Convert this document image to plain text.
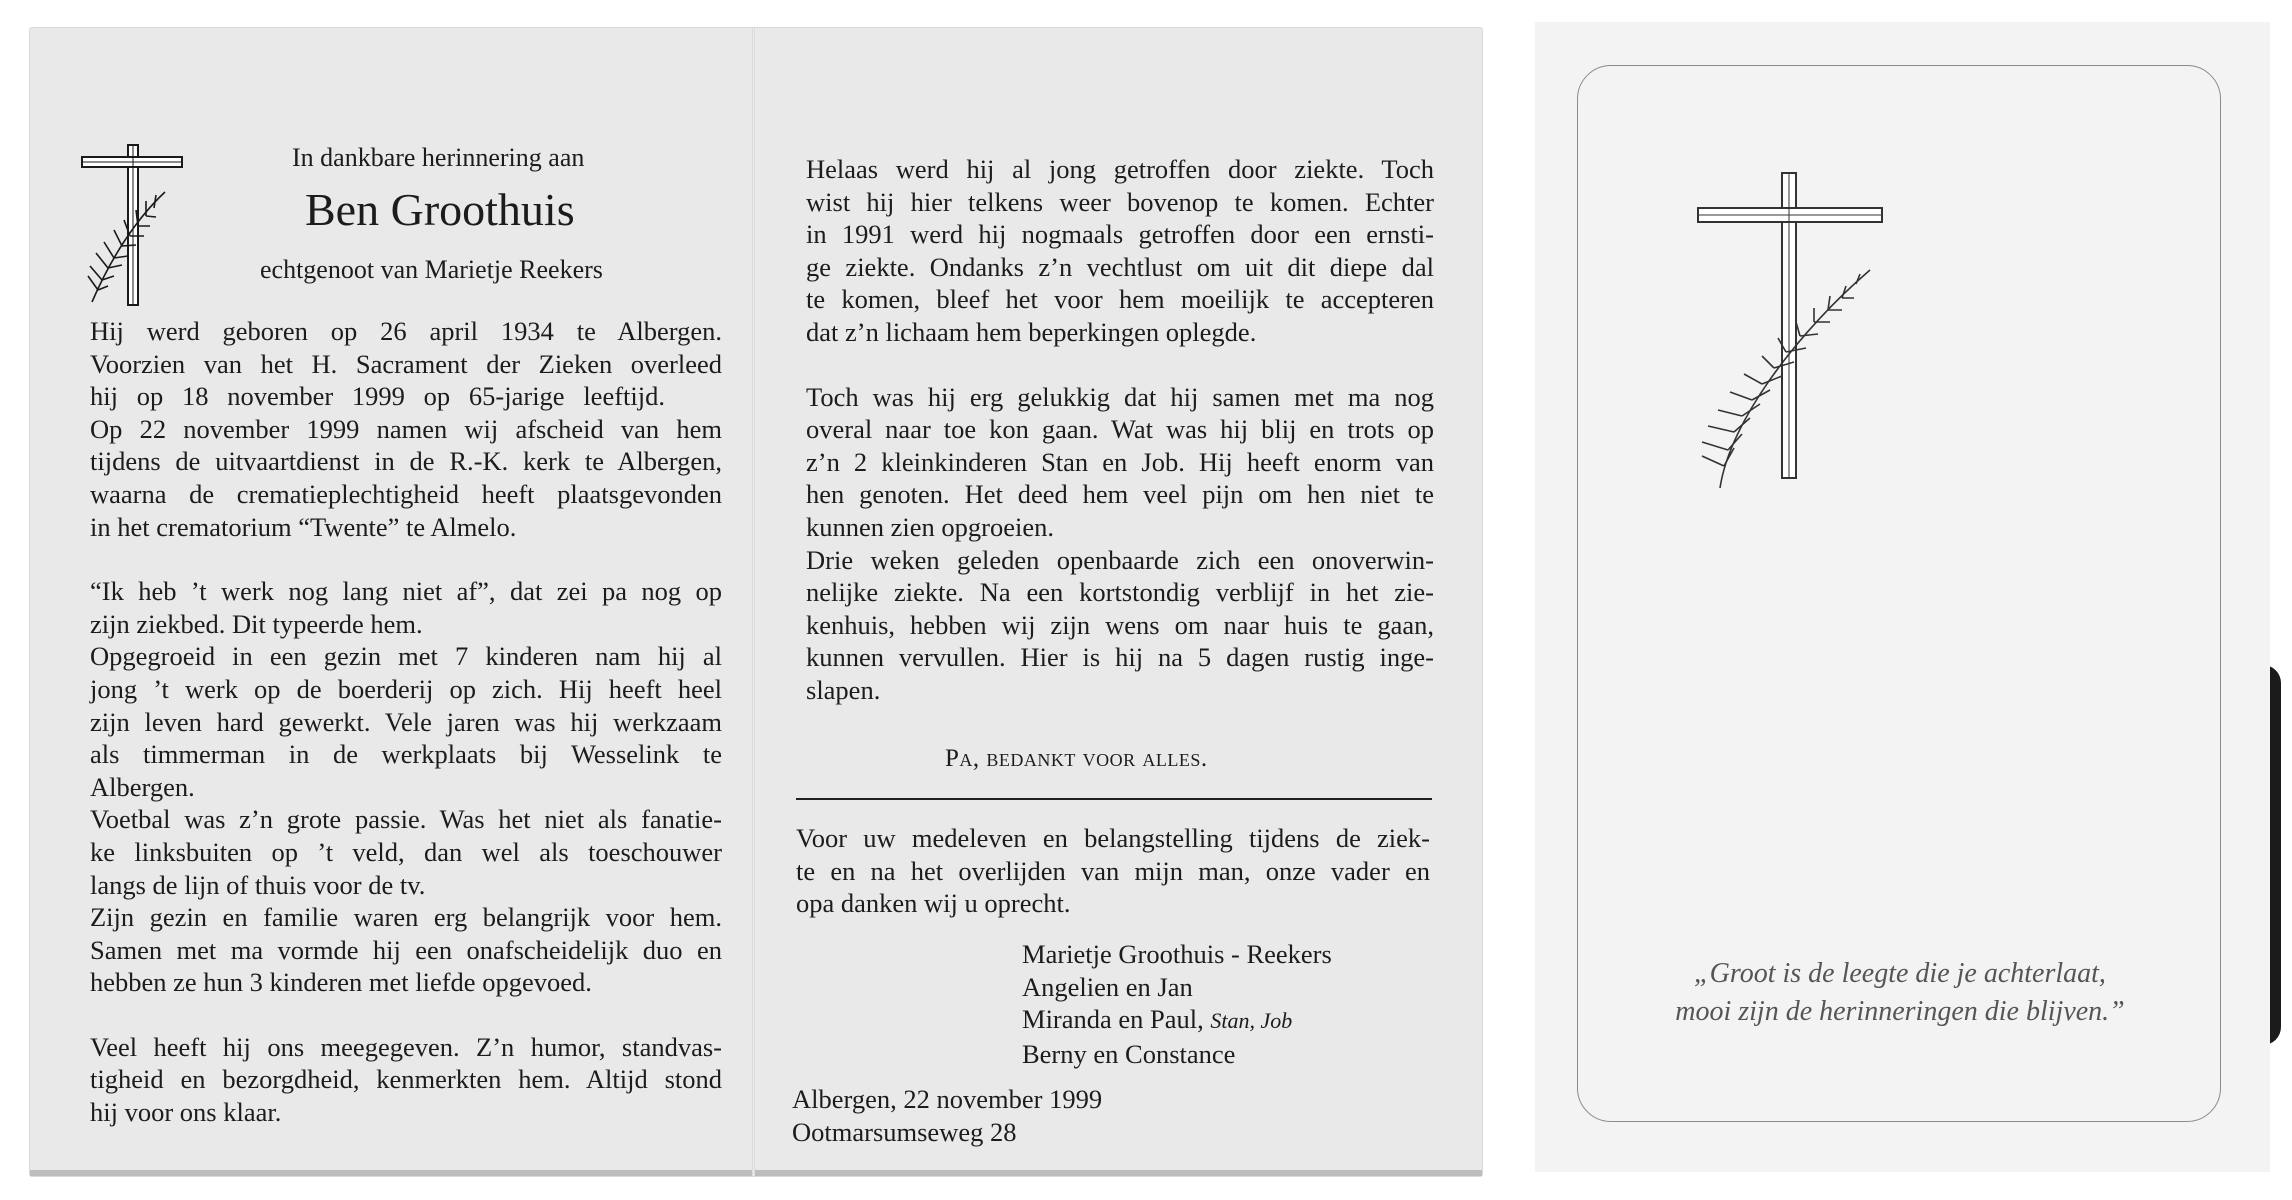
In dankbare herinnering aan
Ben Groothuis
echtgenoot van Marietje Reekers
Hij werd geboren op 26 april 1934 te Albergen.
Voorzien van het H. Sacrament der Zieken overleed
hij op 18 november 1999 op 65-jarige leeftijd.
Op 22 november 1999 namen wij afscheid van hem
tijdens de uitvaartdienst in de R.-K. kerk te Albergen,
waarna de crematieplechtigheid heeft plaatsgevonden
in het crematorium “Twente” te Almelo.
“Ik heb ’t werk nog lang niet af”, dat zei pa nog op
zijn ziekbed. Dit typeerde hem.
Opgegroeid in een gezin met 7 kinderen nam hij al
jong ’t werk op de boerderij op zich. Hij heeft heel
zijn leven hard gewerkt. Vele jaren was hij werkzaam
als timmerman in de werkplaats bij Wesselink te
Albergen.
Voetbal was z’n grote passie. Was het niet als fanatie-
ke linksbuiten op ’t veld, dan wel als toeschouwer
langs de lijn of thuis voor de tv.
Zijn gezin en familie waren erg belangrijk voor hem.
Samen met ma vormde hij een onafscheidelijk duo en
hebben ze hun 3 kinderen met liefde opgevoed.
Veel heeft hij ons meegegeven. Z’n humor, standvas-
tigheid en bezorgdheid, kenmerkten hem. Altijd stond
hij voor ons klaar.
Helaas werd hij al jong getroffen door ziekte. Toch
wist hij hier telkens weer bovenop te komen. Echter
in 1991 werd hij nogmaals getroffen door een ernsti-
ge ziekte. Ondanks z’n vechtlust om uit dit diepe dal
te komen, bleef het voor hem moeilijk te accepteren
dat z’n lichaam hem beperkingen oplegde.
Toch was hij erg gelukkig dat hij samen met ma nog
overal naar toe kon gaan. Wat was hij blij en trots op
z’n 2 kleinkinderen Stan en Job. Hij heeft enorm van
hen genoten. Het deed hem veel pijn om hen niet te
kunnen zien opgroeien.
Drie weken geleden openbaarde zich een onoverwin-
nelijke ziekte. Na een kortstondig verblijf in het zie-
kenhuis, hebben wij zijn wens om naar huis te gaan,
kunnen vervullen. Hier is hij na 5 dagen rustig inge-
slapen.
Pa, bedankt voor alles.
Voor uw medeleven en belangstelling tijdens de ziek-
te en na het overlijden van mijn man, onze vader en
opa danken wij u oprecht.
Marietje Groothuis - Reekers
Angelien en Jan
Miranda en Paul, Stan, Job
Berny en Constance
Albergen, 22 november 1999
Ootmarsumseweg 28
„Groot is de leegte die je achterlaat,
mooi zijn de herinneringen die blijven.”
